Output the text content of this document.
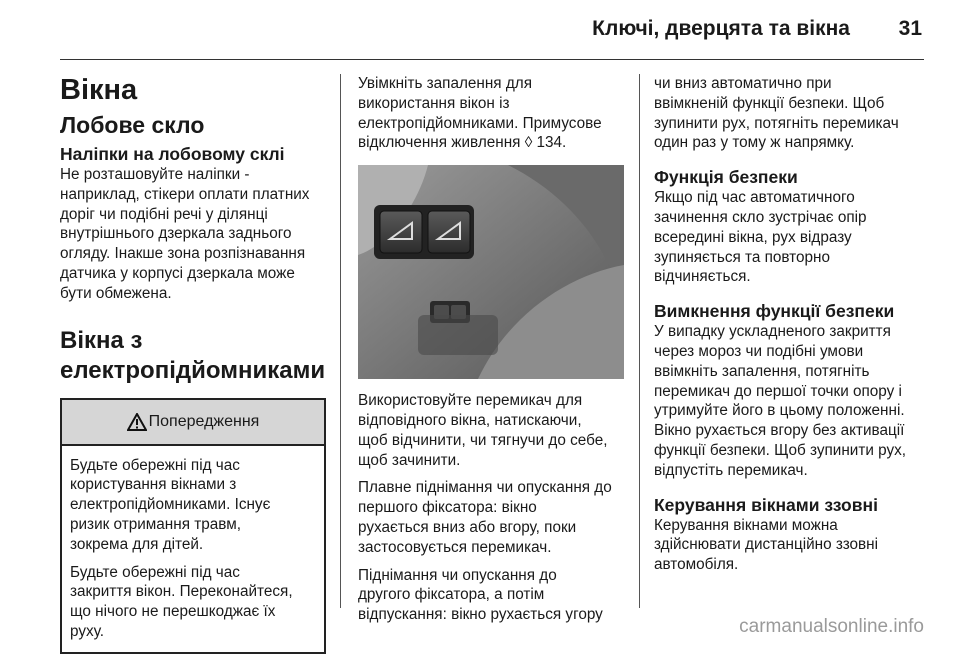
Ключі, дверцята та вікна 31
Вікна
Лобове скло
Наліпки на лобовому склі

Не розташовуйте наліпки -
наприклад, стікери оплати платних
доріг чи подібні речі у ділянці
внутрішнього дзеркала заднього
огляду. Інакше зона розпізнавання
датчика у корпусі дзеркала може
бути обмежена.

Вікна з
електропідйомниками
Попередження

Будьте обережні під час
користування вікнами з
електропідйомниками. Існує
ризик отримання травм,
зокрема для дітей.

Будьте обережні під час
закриття вікон. Переконайтеся,
що нічого не перешкоджає їх
руху.

Увімкніть запалення для
використання вікон із
електропідйомниками. Примусове
відключення живлення ◊ 134.

Використовуйте перемикач для
відповідного вікна, натискаючи,
щоб відчинити, чи тягнучи до себе,
щоб зачинити.

Плавне піднімання чи опускання до
першого фіксатора: вікно
рухається вниз або вгору, поки
застосовується перемикач.

Піднімання чи опускання до
другого фіксатора, а потім
відпускання: вікно рухається угору

чи вниз автоматично при
ввімкненій функції безпеки. Щоб
зупинити рух, потягніть перемикач
один раз у тому ж напрямку.

Функція безпеки

Якщо під час автоматичного
зачинення скло зустрічає опір
всередині вікна, рух відразу
зупиняється та повторно
відчиняється.

Вимкнення функції безпеки

У випадку ускладненого закриття
через мороз чи подібні умови
ввімкніть запалення, потягніть
перемикач до першої точки опору і
утримуйте його в цьому положенні.
Вікно рухається вгору без активації
функції безпеки. Щоб зупинити рух,
відпустіть перемикач.

Керування вікнами ззовні

Керування вікнами можна
здійснювати дистанційно ззовні
автомобіля.

carmanualsonline.info
